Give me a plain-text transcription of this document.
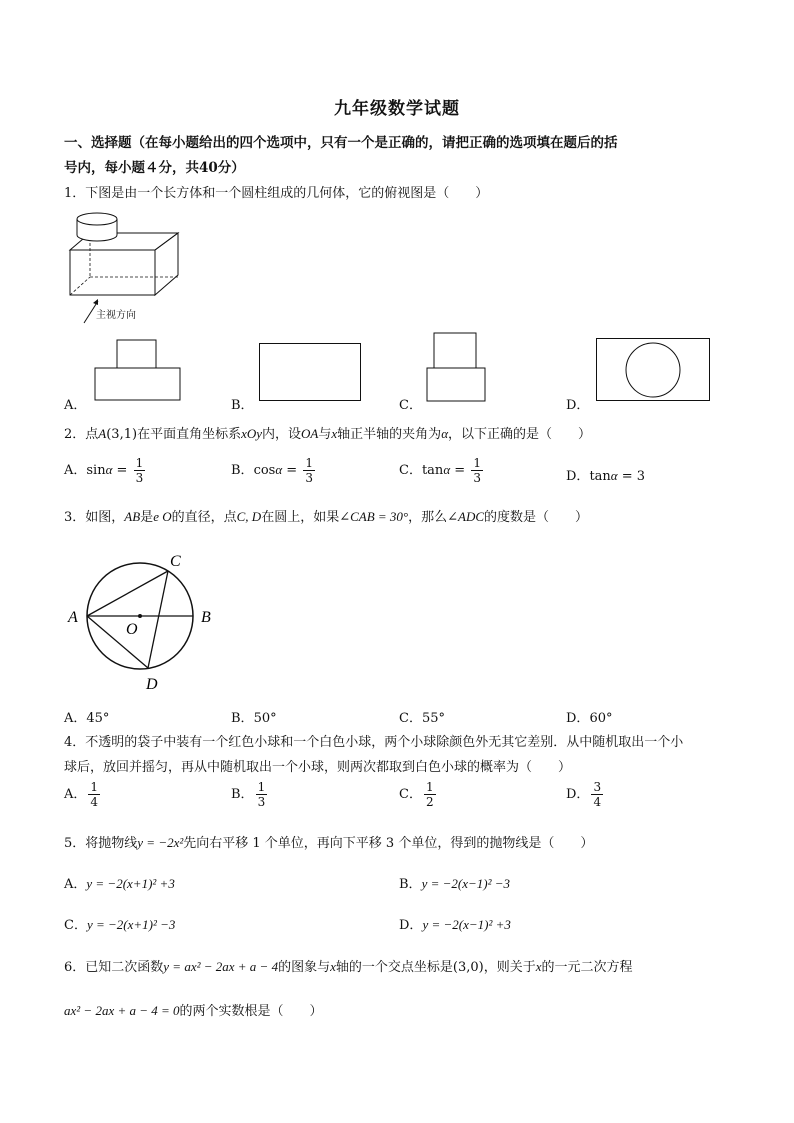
九年级数学试题
一、选择题（在每小题给出的四个选项中，只有一个是正确的，请把正确的选项填在题后的括
号内，每小题４分，共40分）
1．下图是由一个长方体和一个圆柱组成的几何体，它的俯视图是（　　）
主视方向
A．	B．	C．	D．
2．点A(3,1)在平面直角坐标系xOy内，设OA与x轴正半轴的夹角为α，以下正确的是（　　）
A．$\sin\alpha = \frac{1}{3}$	B．$\cos\alpha = \frac{1}{3}$	C．$\tan\alpha = \frac{1}{3}$	D．tanα = 3
3．如图，AB是e O的直径，点C, D在圆上，如果∠CAB = 30°，那么∠ADC的度数是（　　）
A	B
C
D
O
A．45°	B．50°	C．55°	D．60°
4．不透明的袋子中装有一个红色小球和一个白色小球，两个小球除颜色外无其它差别．从中随机取出一个小
球后，放回并摇匀，再从中随机取出一个小球，则两次都取到白色小球的概率为（　　）
A． $\frac{1}{4}$	B． $\frac{1}{3}$	C． $\frac{1}{2}$	D． $\frac{3}{4}$
5．将抛物线y = −2x²先向右平移 1 个单位，再向下平移 3 个单位，得到的抛物线是（　　）
A．y = −2(x+1)² +3	B．y = −2(x−1)² −3
C．y = −2(x+1)² −3	D．y = −2(x−1)² +3
6．已知二次函数y = ax² − 2ax + a − 4的图象与x轴的一个交点坐标是(3,0)，则关于x的一元二次方程
ax² − 2ax + a − 4 = 0的两个实数根是（　　）
